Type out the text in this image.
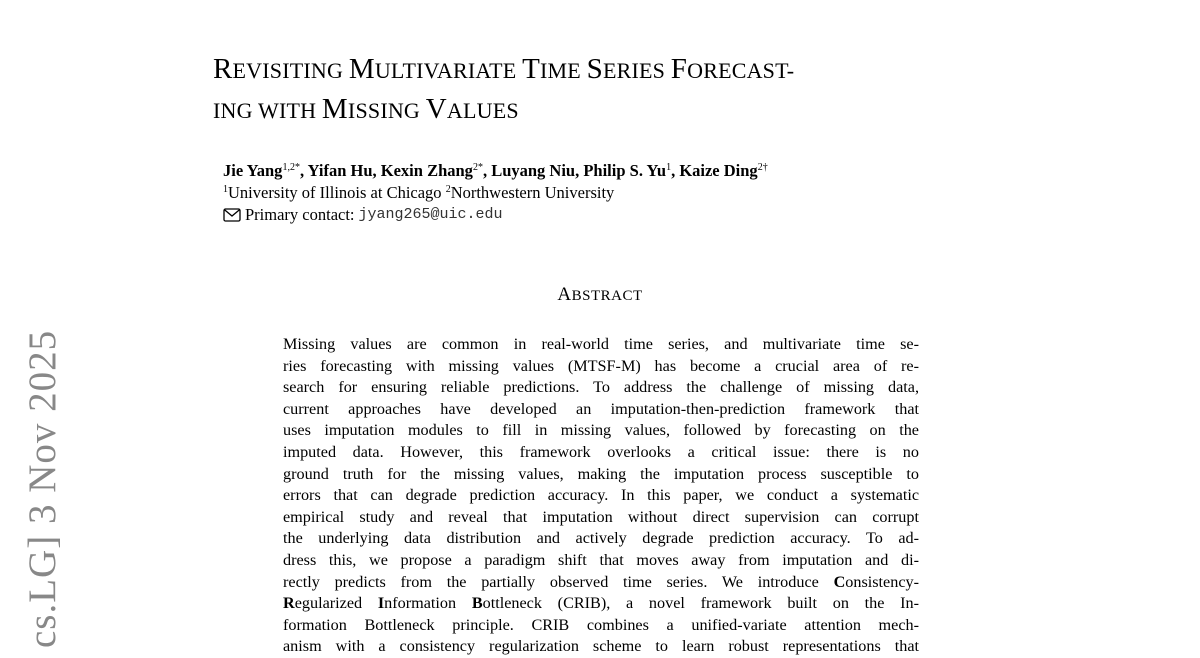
REVISITING MULTIVARIATE TIME SERIES FORECAST-
ING WITH MISSING VALUES
Jie Yang$^{1,2*}$, Yifan Hu, Kexin Zhang$^{2*}$, Luyang Niu, Philip S. Yu$^1$, Kaize Ding$^{2\dagger}$
$^1$University of Illinois at Chicago $^2$Northwestern University
Primary contact: jyang265@uic.edu
ABSTRACT
Missing values are common in real-world time series, and multivariate time se-
ries forecasting with missing values (MTSF-M) has become a crucial area of re-
search for ensuring reliable predictions. To address the challenge of missing data,
current approaches have developed an imputation-then-prediction framework that
uses imputation modules to fill in missing values, followed by forecasting on the
imputed data. However, this framework overlooks a critical issue: there is no
ground truth for the missing values, making the imputation process susceptible to
errors that can degrade prediction accuracy. In this paper, we conduct a systematic
empirical study and reveal that imputation without direct supervision can corrupt
the underlying data distribution and actively degrade prediction accuracy. To ad-
dress this, we propose a paradigm shift that moves away from imputation and di-
rectly predicts from the partially observed time series. We introduce Consistency-
Regularized Information Bottleneck (CRIB), a novel framework built on the In-
formation Bottleneck principle. CRIB combines a unified-variate attention mech-
anism with a consistency regularization scheme to learn robust representations that
cs.LG] 3 Nov 2025
